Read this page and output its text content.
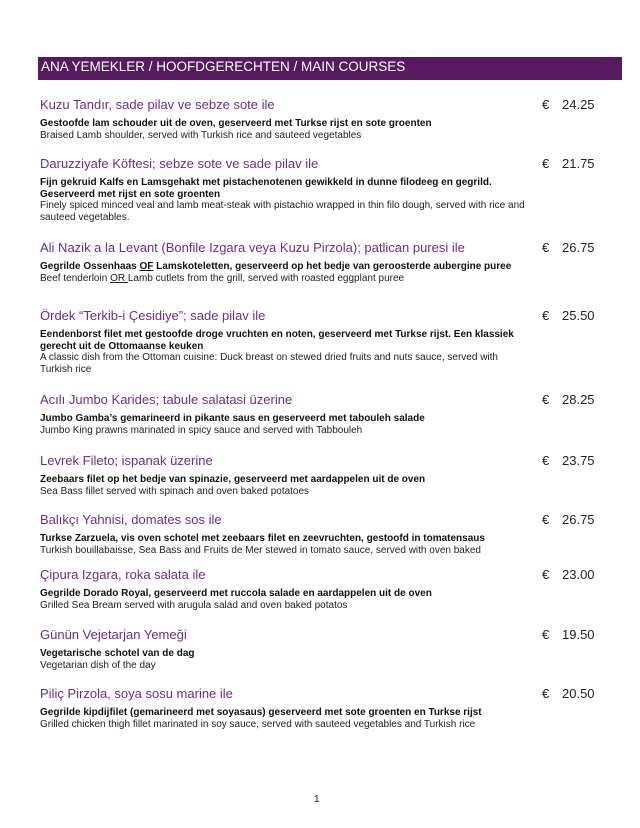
ANA YEMEKLER / HOOFDGERECHTEN / MAIN COURSES
Kuzu Tandır, sade pilav ve sebze sote ile	€ 24.25
Gestoofde lam schouder uit de oven, geserveerd met Turkse rijst en sote groenten
Braised Lamb shoulder, served with Turkish rice and sauteed vegetables
Daruzziyafe Köftesi; sebze sote ve sade pilav ile	€ 21.75
Fijn gekruid Kalfs en Lamsgehakt met pistachenotenen gewikkeld in dunne filodeeg en gegrild. Geserveerd met rijst en sote groenten
Finely spiced minced veal and lamb meat-steak with pistachio wrapped in thin filo dough, served with rice and sauteed vegetables.
Ali Nazik a la Levant (Bonfile Izgara veya Kuzu Pirzola); patlican puresi ile	€ 26.75
Gegrilde Ossenhaas OF Lamskoteletten, geserveerd op het bedje van geroosterde aubergine puree
Beef tenderloin OR Lamb cutlets from the grill, served with roasted eggplant puree
Ördek “Terkib-i Çesidiye”; sade pilav ile	€ 25.50
Eendenborst filet met gestoofde droge vruchten en noten, geserveerd met Turkse rijst. Een klassiek gerecht uit de Ottomaanse keuken
A classic dish from the Ottoman cuisine: Duck breast on stewed dried fruits and nuts sauce, served with Turkish rice
Acılı Jumbo Karides; tabule salatasi üzerine	€ 28.25
Jumbo Gamba’s gemarineerd in pikante saus en geserveerd met tabouleh salade
Jumbo King prawns marinated in spicy sauce and served with Tabbouleh
Levrek Fileto; ispanak üzerine	€ 23.75
Zeebaars filet op het bedje van spinazie, geserveerd met aardappelen uit de oven
Sea Bass fillet served with spinach and oven baked potatoes
Balıkçı Yahnisi, domates sos ile	€ 26.75
Turkse Zarzuela, vis oven schotel met zeebaars filet en zeevruchten, gestoofd in tomatensaus
Turkish bouillabaisse, Sea Bass and Fruits de Mer stewed in tomato sauce, served with oven baked
Çipura Izgara, roka salata ile	€ 23.00
Gegrilde Dorado Royal, geserveerd met ruccola salade en aardappelen uit de oven
Grilled Sea Bream served with arugula salad and oven baked potatos
Günün Vejetarjan Yemeği	€ 19.50
Vegetarische schotel van de dag
Vegetarian dish of the day
Piliç Pirzola, soya sosu marine ile	€ 20.50
Gegrilde kipdijfilet (gemarineerd met soyasaus) geserveerd met sote groenten en Turkse rijst
Grilled chicken thigh fillet marinated in soy sauce, served with sauteed vegetables and Turkish rice
1
